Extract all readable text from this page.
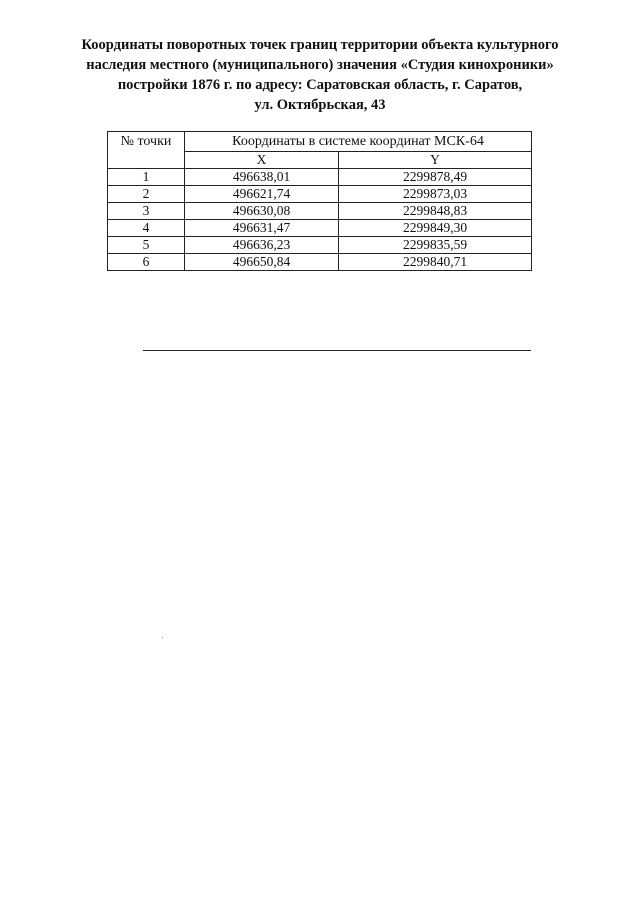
Координаты поворотных точек границ территории объекта культурного
наследия местного (муниципального) значения «Студия кинохроники»
постройки 1876 г. по адресу: Саратовская область, г. Саратов,
ул. Октябрьская, 43
№ точки	Координаты в системе координат МСК-64	
	X	Y
1	496638,01	2299878,49
2	496621,74	2299873,03
3	496630,08	2299848,83
4	496631,47	2299849,30
5	496636,23	2299835,59
6	496650,84	2299840,71
